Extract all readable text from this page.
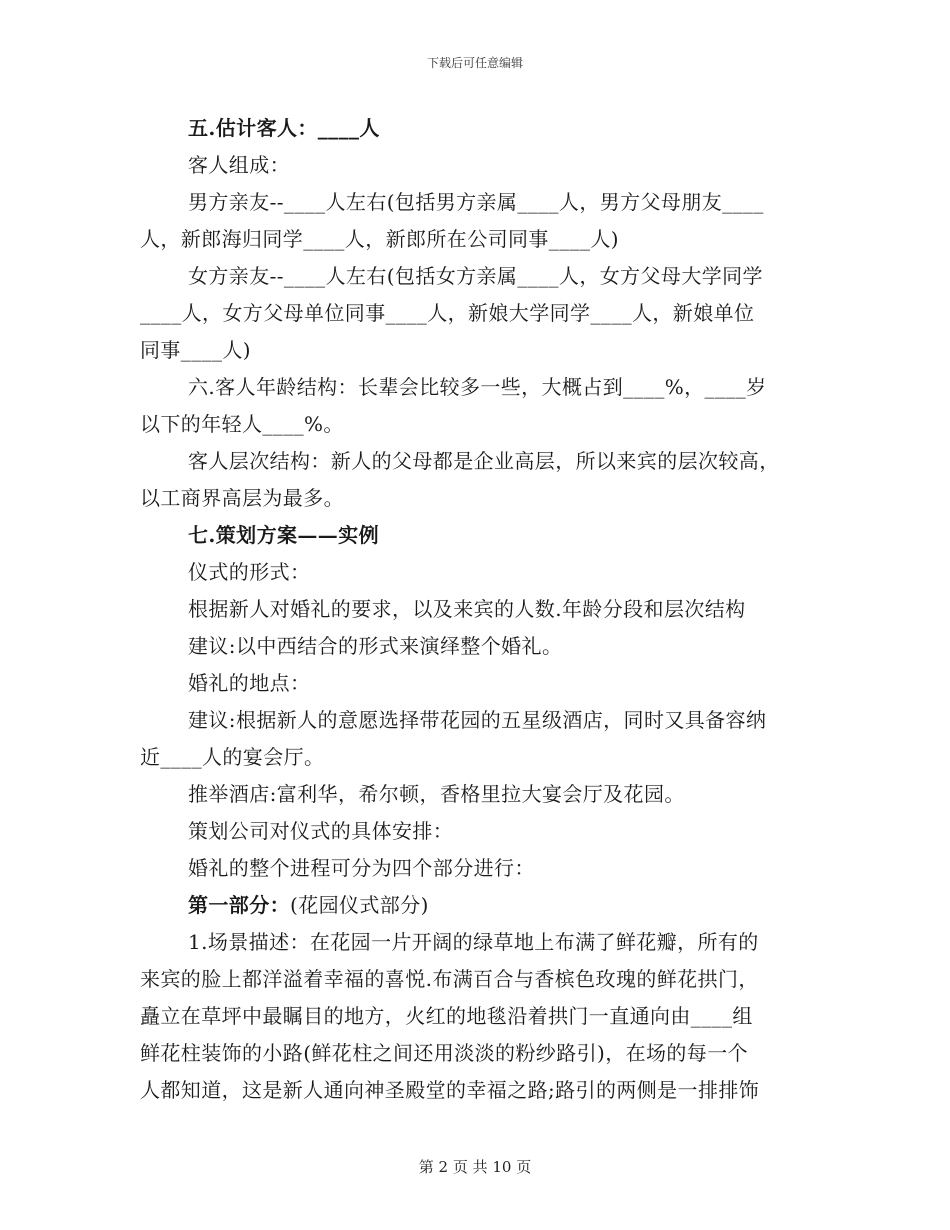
下载后可任意编辑
五.估计客人：____人
客人组成：
男方亲友--____人左右(包括男方亲属____人，男方父母朋友____
人，新郎海归同学____人，新郎所在公司同事____人)
女方亲友--____人左右(包括女方亲属____人，女方父母大学同学
____人，女方父母单位同事____人，新娘大学同学____人，新娘单位
同事____人)
六.客人年龄结构：长辈会比较多一些，大概占到____%，____岁
以下的年轻人____%。
客人层次结构：新人的父母都是企业高层，所以来宾的层次较高，
以工商界高层为最多。
七.策划方案——实例
仪式的形式：
根据新人对婚礼的要求，以及来宾的人数.年龄分段和层次结构
建议:以中西结合的形式来演绎整个婚礼。
婚礼的地点：
建议:根据新人的意愿选择带花园的五星级酒店，同时又具备容纳
近____人的宴会厅。
推举酒店:富利华，希尔顿，香格里拉大宴会厅及花园。
策划公司对仪式的具体安排：
婚礼的整个进程可分为四个部分进行：
第一部分：(花园仪式部分)
1.场景描述：在花园一片开阔的绿草地上布满了鲜花瓣，所有的
来宾的脸上都洋溢着幸福的喜悦.布满百合与香槟色玫瑰的鲜花拱门，
矗立在草坪中最瞩目的地方，火红的地毯沿着拱门一直通向由____组
鲜花柱装饰的小路(鲜花柱之间还用淡淡的粉纱路引)，在场的每一个
人都知道，这是新人通向神圣殿堂的幸福之路;路引的两侧是一排排饰
第 2 页 共 10 页
